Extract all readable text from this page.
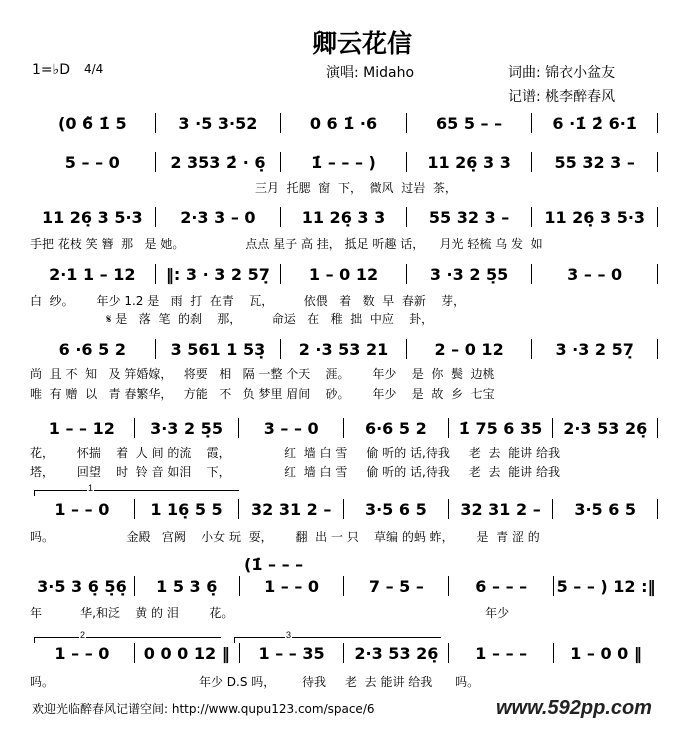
卿云花信
1=♭D 4/4	演唱: Midaho	词曲: 锦衣小盆友
记谱: 桃李醉春风
(0 6̃ 1̇ 5	3 ·5 3·52	0 6 1̇ ·6	65 5 – –	6 ·1̇ 2̇ 6·1̇
5 – – 0	2 353 2̇ · 6̣	1̇ – – – )	11 26̣ 3 3	55 32 3 –
11 26̣ 3 5·3	2·3 3 – 0	11 26̣ 3 3	55 32 3 –	11 26̣ 3 5·3
2·1 1 – 12	‖: 3 · 3 2 57̣	1 – 0 12	3 ·3 2 5̣5	3 – – 0
6 ·6 5 2	3 561 1 53̣	2 ·3 53 21	2 – 0 12	3 ·3 2 57̣
1 – – 12	3·3 2 5̣5	3 – – 0	6·6 5 2	1̇ 75 6 35	2·3 53 26̣
1 – – 0	1 16̣ 5 5	32 31 2 –	3·5 6 5	32 31 2 –	3·5 6 5
3·5 3 6̣ 5̣6̣	1 5 3 6̣	1 – – 0	7 – 5 –	6 – – –	5 – – ) 12 :‖
1 – – 0	0 0 0 12 ‖	1 – – 35	2·3 53 26̣	1 – – –	1 – 0 0 ‖
(1̇ – – –
1
2	3
三月  托腮  窗  下，  微风  过岩  茶，
手把 花枝 笑 簪  那   是 她。                点点 星子 高 挂， 抵足 听趣 话，    月光 轻梳 乌 发  如
白  纱。      年少 1.2 是   雨  打  在青    瓦，        依偎   着   数  早  春新    芽，
𝄋 是   落  笔  的刹    那，        命运   在   稚  拙  中应    卦，
尚  且 不  知   及 笄婚嫁，   将要   相   隔 一整 个天    涯。      年少    是  你  鬓  边桃
唯  有 赠  以   青 春繁华，   方能   不   负 梦里 眉间    砂。      年少    是  故  乡  七宝
花，      怀揣    着  人 间 的流    霞，              红  墙 白 雪     偷 听的 话,待我     老  去  能讲 给我
塔，      回望    时  铃 音 如泪    下，              红  墙 白 雪     偷 听的 话,待我     老  去  能讲 给我
吗。                   金殿   宫阙    小女 玩  耍，      翻  出 一 只    草编 的蚂 蚱，      是  青 涩 的
年          华,和泛    黄 的 泪        花。                                                                  年少
吗。                                      年少 D.S 吗，       待我     老  去 能讲 给我      吗。
欢迎光临醉春风记谱空间: http://www.qupu123.com/space/6	www.592pp.com
